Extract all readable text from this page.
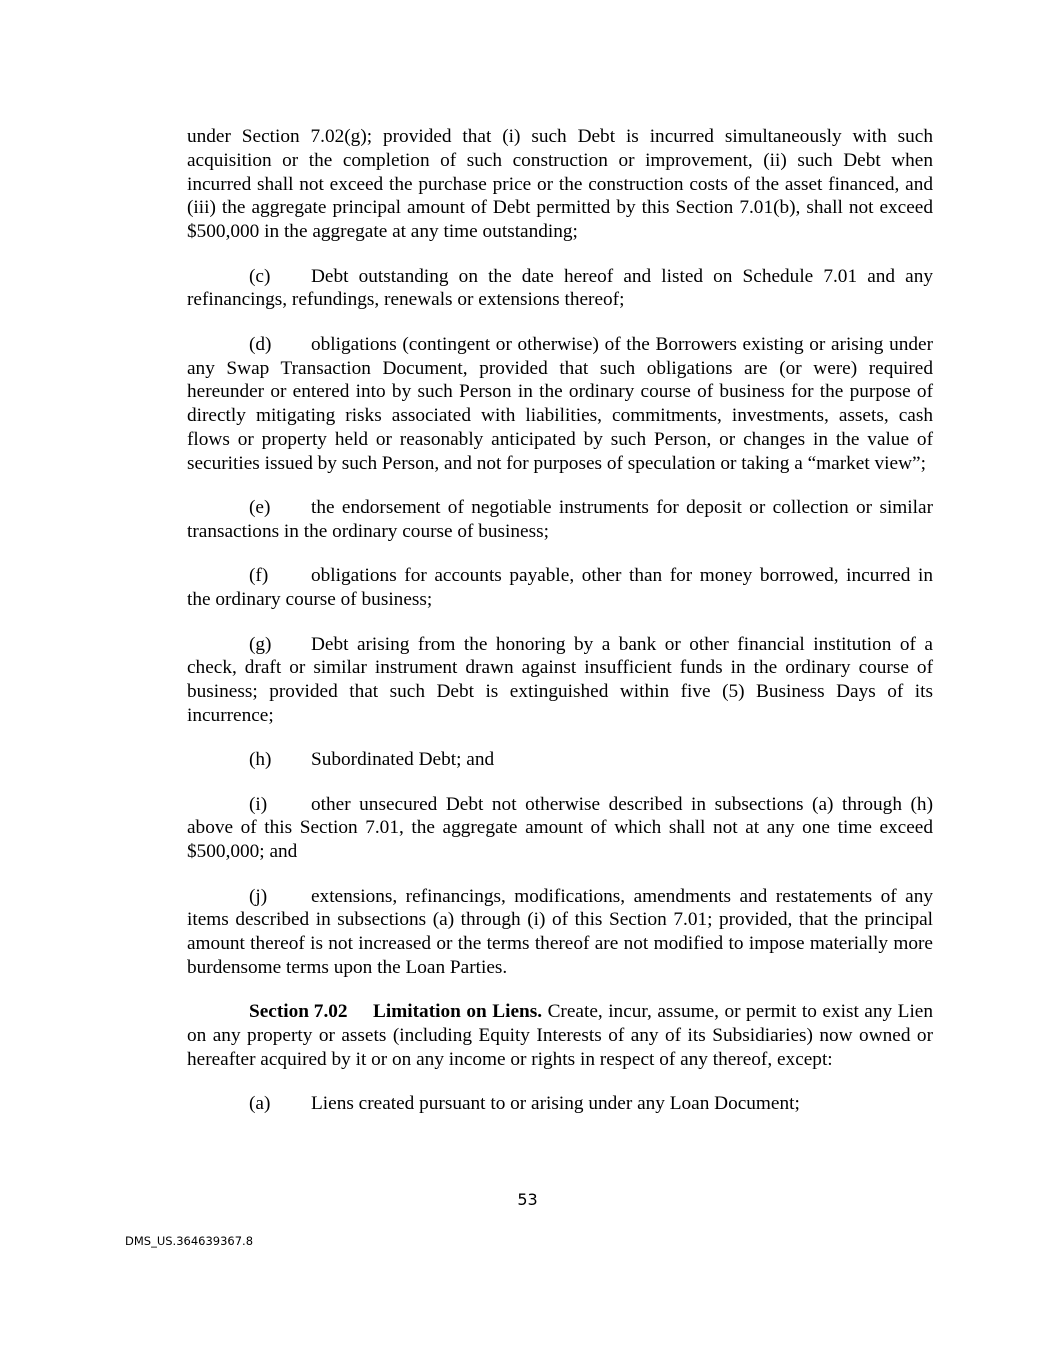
under Section 7.02(g); provided that (i) such Debt is incurred simultaneously with such acquisition or the completion of such construction or improvement, (ii) such Debt when incurred shall not exceed the purchase price or the construction costs of the asset financed, and (iii) the aggregate principal amount of Debt permitted by this Section 7.01(b), shall not exceed $500,000 in the aggregate at any time outstanding;

(c) Debt outstanding on the date hereof and listed on Schedule 7.01 and any refinancings, refundings, renewals or extensions thereof;

(d) obligations (contingent or otherwise) of the Borrowers existing or arising under any Swap Transaction Document, provided that such obligations are (or were) required hereunder or entered into by such Person in the ordinary course of business for the purpose of directly mitigating risks associated with liabilities, commitments, investments, assets, cash flows or property held or reasonably anticipated by such Person, or changes in the value of securities issued by such Person, and not for purposes of speculation or taking a “market view”;

(e) the endorsement of negotiable instruments for deposit or collection or similar transactions in the ordinary course of business;

(f) obligations for accounts payable, other than for money borrowed, incurred in the ordinary course of business;

(g) Debt arising from the honoring by a bank or other financial institution of a check, draft or similar instrument drawn against insufficient funds in the ordinary course of business; provided that such Debt is extinguished within five (5) Business Days of its incurrence;

(h) Subordinated Debt; and

(i) other unsecured Debt not otherwise described in subsections (a) through (h) above of this Section 7.01, the aggregate amount of which shall not at any one time exceed $500,000; and

(j) extensions, refinancings, modifications, amendments and restatements of any items described in subsections (a) through (i) of this Section 7.01; provided, that the principal amount thereof is not increased or the terms thereof are not modified to impose materially more burdensome terms upon the Loan Parties.

Section 7.02 Limitation on Liens. Create, incur, assume, or permit to exist any Lien on any property or assets (including Equity Interests of any of its Subsidiaries) now owned or hereafter acquired by it or on any income or rights in respect of any thereof, except:

(a) Liens created pursuant to or arising under any Loan Document;

53
DMS_US.364639367.8
